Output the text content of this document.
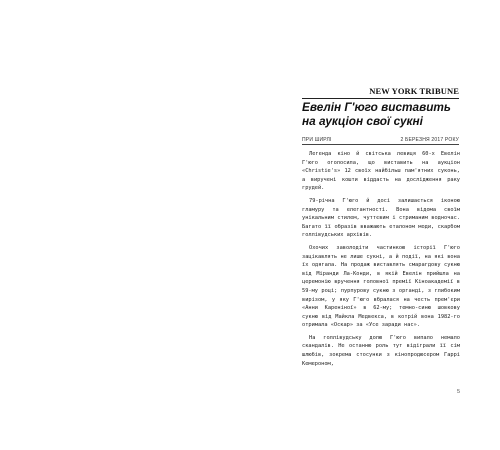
NEW YORK TRIBUNE
Евелін Г'юго виставить на аукціон свої сукні
ПРИ ШИРЛІ	2 БЕРЕЗНЯ 2017 РОКУ

Легенда кіно й світська левиця 60-х Евелін Г'юго оголосила, що виставить на аукціон «Christie's» 12 своїх найбільш пам'ятних суконь, а виручені кошти віддасть на дослідження раку грудей.

79-річна Г'юго й досі залишається іконою гламуру та елегантності. Вона відома своїм унікальним стилем, чуттєвим і стриманим водночас. Багато її образів вважають еталоном моди, скарбом голлівудських архівів.

Охочих заволодіти частинкою історії Г'юго зацікавлять не лише сукні, а й події, на які вона їх одягала. На продаж виставлять смарагдову сукню від Міранди Ла-Конди, в якій Евелін прийшла на церемонію вручення головної премії Кіноакадемії в 59-му році; пурпурову сукню з органді, з глибоким вирізом, у яку Г'юго вбралася на честь прем'єри «Анни Кареніної» в 62-му; темно-синю шовкову сукню від Майкла Медвекса, в котрій вона 1982-го отримала «Оскар» за «Усе заради нас».

На голлівудську долю Г'юго випало немало скандалів. Не останню роль тут відіграли її сім шлюбів, зокрема стосунки з кінопродюсером Гаррі Кемероном,

5
